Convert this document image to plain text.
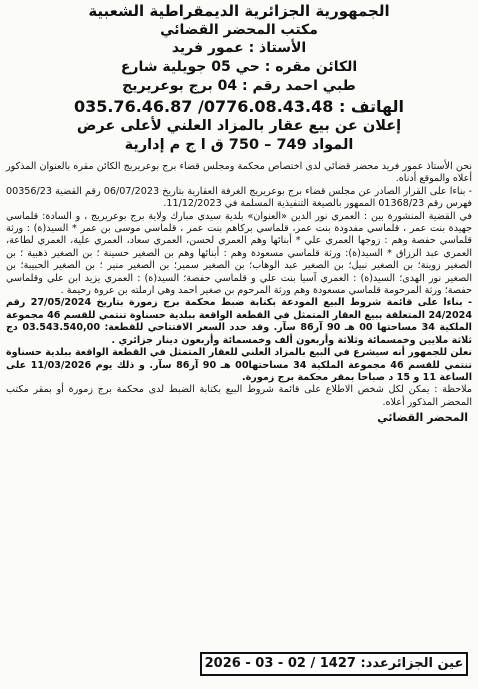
الجمهورية الجزائرية الديمقراطية الشعبية
مكتب المحضر القضائي
الأستاذ : عمور فريد
الكائن مقره : حي 05 جويلية شارع
طبي احمد رقم : 04 برج بوعريريج
الهاتف : 0776.08.43.48/ 035.76.46.87
إعلان عن بيع عقار بالمزاد العلني لأعلى عرض
المواد 749 – 750 ق ا ج م إدارية

نحن الأستاذ عمور فريد محضر قضائي لدى اختصاص محكمة ومجلس قضاء برج بوعريريج الكائن مقره بالعنوان المذكور أعلاه والموقع أدناه.

- بناءا على القرار الصادر عن مجلس قضاء برج بوعريريج الغرفة العقارية بتاريخ 06/07/2023 رقم القضية 00356/23 فهرس رقم 01368/23 الممهور بالصيغة التنفيذية المسلمة في 11/12/2023.

في القضية المنشورة بين : العمري نور الدين «العنوان» بلدية سيدي مبارك ولاية برج بوعريريج ، و السادة: قلماسي جهيدة بنت عمر ، قلماسي مفدودة بنت عمر، قلماسي بركاهم بنت عمر ، قلماسي موسى بن عمر * السيد(ة) : ورثة قلماسي حفصة وهم : زوجها العمري علي * أبنائها وهم العمري لحسن، العمري سعاد، العمري علية، العمري لطاعة، العمري عبد الرزاق * السيد(ة): ورثة قلماسي مسعودة وهم : أبنائها وهم بن الصغير حسينة ؛ بن الصغير ذهبية ؛ بن الصغير زوينة؛ بن الصغير نبيل؛ بن الصغير عبد الوهاب؛ بن الصغير سمير؛ بن الصغير منير ؛ بن الصغير الحبيبة؛ بن الصغير نور الهدى؛ السيد(ة) : العمري آسيا بنت علي و قلماسي حفصة؛ السيد(ة) : العمري يزيد ابن علي وقلماسي حفصة؛ ورثة المرحومة قلماسي مسعودة وهم ورثة المرحوم بن صغير احمد وهي ارملته بن عروة رحيمة .

- بناءا على قائمة شروط البيع المودعة بكتابة ضبط محكمة برج زمورة بتاريخ 27/05/2024 رقم 24/2024 المتعلقة ببيع العقار المتمثل في القطعة الواقعة ببلدية حسناوة تنتمي للقسم 46 مجموعة الملكية 34 مساحتها 00 هـ 90 آر86 سآر. وقد حدد السعر الافتتاحي للقطعة: 03.543.540,00 دج ثلاثة ملايين وخمسمائة وثلاثة وأربعون ألف وخمسمائة وأربعون دينار جزائري .

نعلن للجمهور أنه سيشرع في البيع بالمزاد العلني للعقار المتمثل في القطعة الواقعة ببلدية حسناوة تنتمي للقسم 46 مجموعة الملكية 34 مساحتها00 هـ 90 آر86 سآر. و ذلك يوم 11/03/2026 على الساعة 11 و 15 د صباحا بمقر محكمة برج زمورة.

ملاحظة : يمكن لكل شخص الاطلاع على قائمة شروط البيع بكتابة الضبط لدى محكمة برج زمورة أو بمقر مكتب المحضر المذكور أعلاه.

المحضر القضائي
عين الجزائرعدد: 1427 / 02 - 03 - 2026
